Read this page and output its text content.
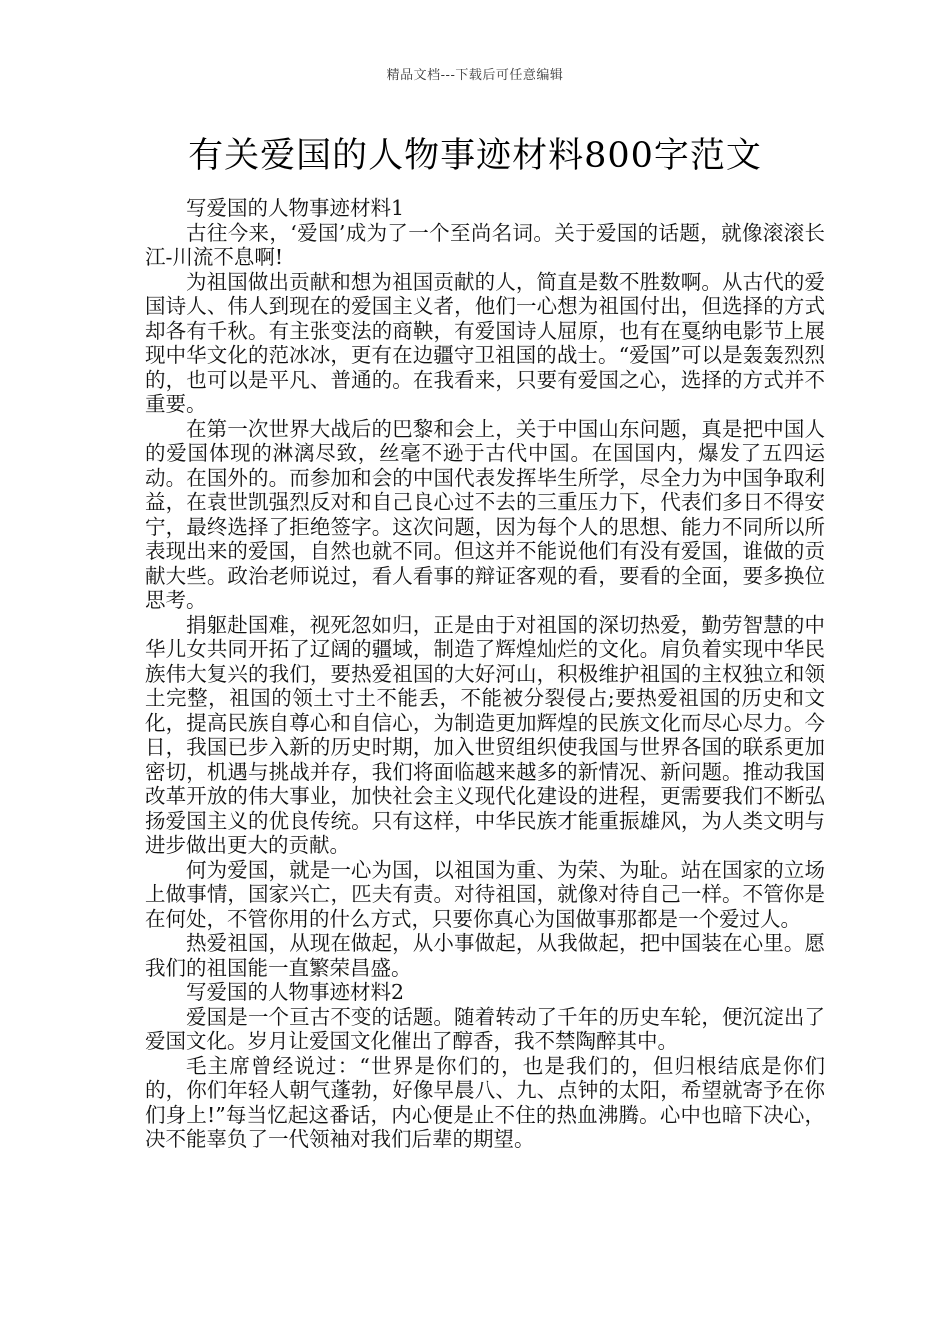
精品文档---下载后可任意编辑
有关爱国的人物事迹材料800字范文

写爱国的人物事迹材料1

古往今来，‘爱国’成为了一个至尚名词。关于爱国的话题，就像滚滚长江-川流不息啊!

为祖国做出贡献和想为祖国贡献的人，简直是数不胜数啊。从古代的爱国诗人、伟人到现在的爱国主义者，他们一心想为祖国付出，但选择的方式却各有千秋。有主张变法的商鞅，有爱国诗人屈原，也有在戛纳电影节上展现中华文化的范冰冰，更有在边疆守卫祖国的战士。“爱国”可以是轰轰烈烈的，也可以是平凡、普通的。在我看来，只要有爱国之心，选择的方式并不重要。

在第一次世界大战后的巴黎和会上，关于中国山东问题，真是把中国人的爱国体现的淋漓尽致，丝毫不逊于古代中国。在国国内，爆发了五四运动。在国外的。而参加和会的中国代表发挥毕生所学，尽全力为中国争取利益，在袁世凯强烈反对和自己良心过不去的三重压力下，代表们多日不得安宁，最终选择了拒绝签字。这次问题，因为每个人的思想、能力不同所以所表现出来的爱国，自然也就不同。但这并不能说他们有没有爱国，谁做的贡献大些。政治老师说过，看人看事的辩证客观的看，要看的全面，要多换位思考。

捐躯赴国难，视死忽如归，正是由于对祖国的深切热爱，勤劳智慧的中华儿女共同开拓了辽阔的疆域，制造了辉煌灿烂的文化。肩负着实现中华民族伟大复兴的我们，要热爱祖国的大好河山，积极维护祖国的主权独立和领土完整，祖国的领土寸土不能丢，不能被分裂侵占;要热爱祖国的历史和文化，提高民族自尊心和自信心，为制造更加辉煌的民族文化而尽心尽力。今日，我国已步入新的历史时期，加入世贸组织使我国与世界各国的联系更加密切，机遇与挑战并存，我们将面临越来越多的新情况、新问题。推动我国改革开放的伟大事业，加快社会主义现代化建设的进程，更需要我们不断弘扬爱国主义的优良传统。只有这样，中华民族才能重振雄风，为人类文明与进步做出更大的贡献。

何为爱国，就是一心为国，以祖国为重、为荣、为耻。站在国家的立场上做事情，国家兴亡，匹夫有责。对待祖国，就像对待自己一样。不管你是在何处，不管你用的什么方式，只要你真心为国做事那都是一个爱过人。

热爱祖国，从现在做起，从小事做起，从我做起，把中国装在心里。愿我们的祖国能一直繁荣昌盛。

写爱国的人物事迹材料2

爱国是一个亘古不变的话题。随着转动了千年的历史车轮，便沉淀出了爱国文化。岁月让爱国文化催出了醇香，我不禁陶醉其中。

毛主席曾经说过：“世界是你们的，也是我们的，但归根结底是你们的，你们年轻人朝气蓬勃，好像早晨八、九、点钟的太阳，希望就寄予在你们身上!”每当忆起这番话，内心便是止不住的热血沸腾。心中也暗下决心，决不能辜负了一代领袖对我们后辈的期望。
